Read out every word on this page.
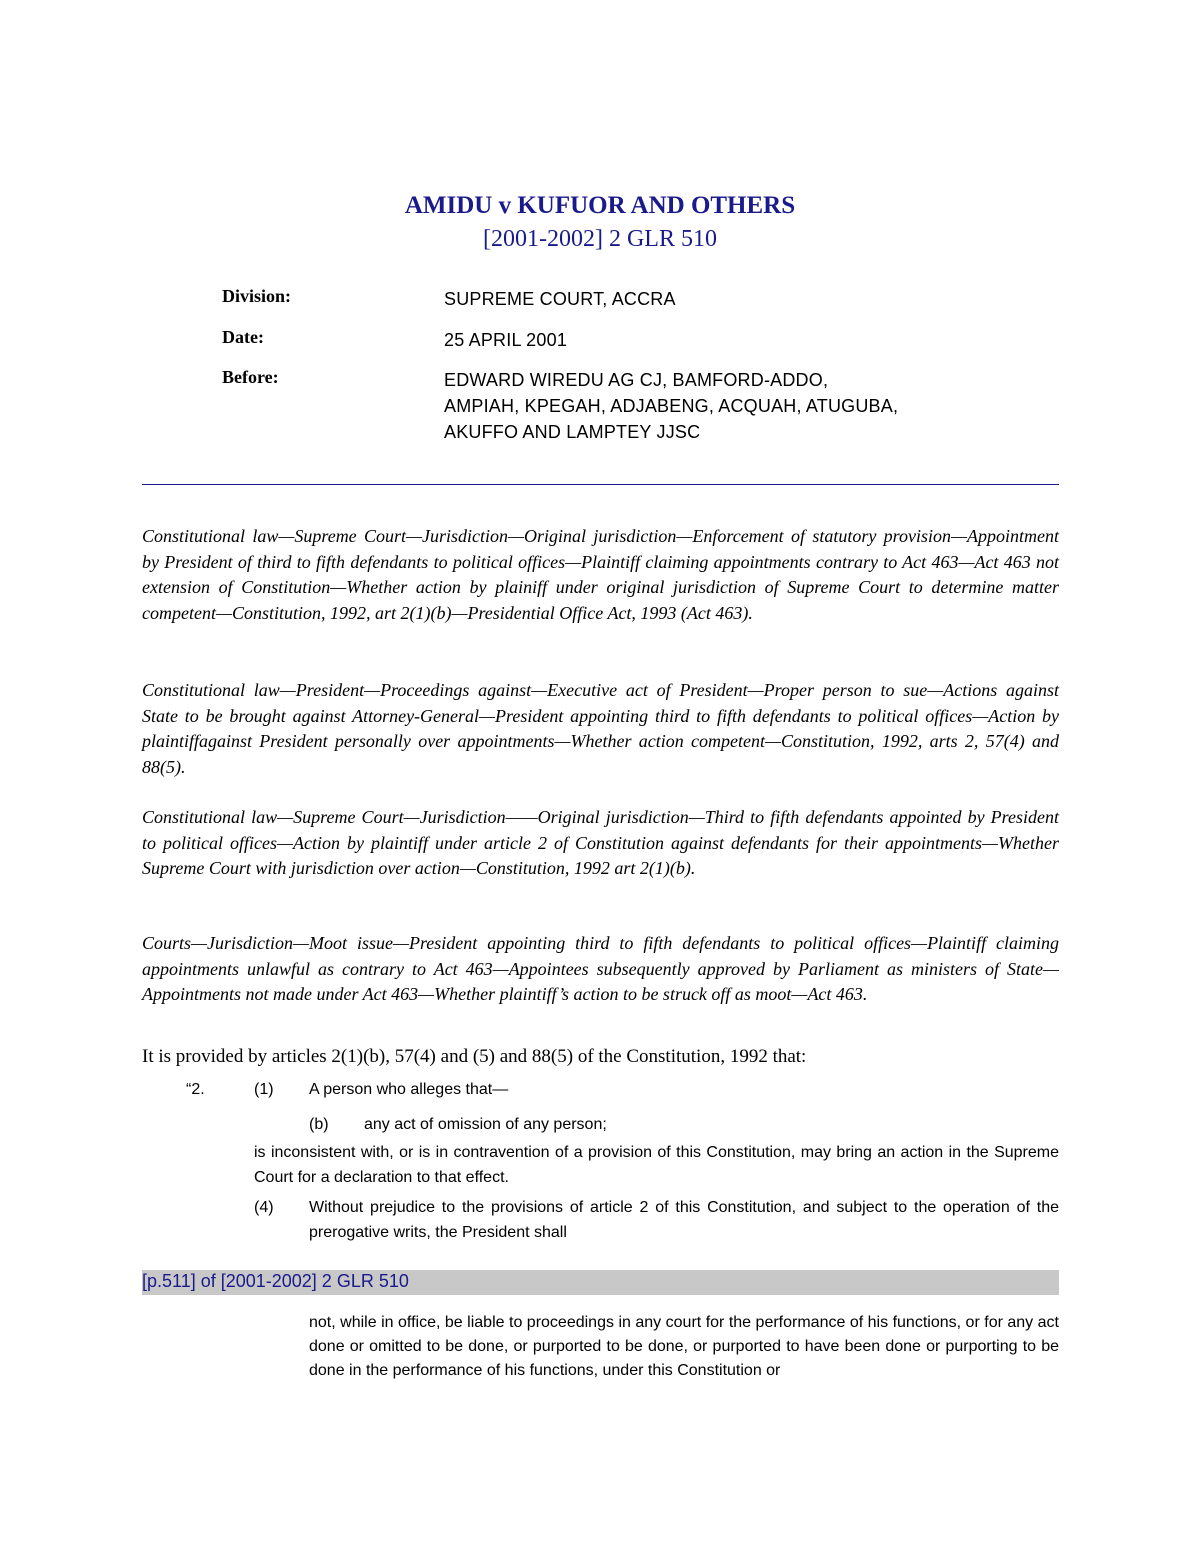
AMIDU v KUFUOR AND OTHERS
[2001-2002] 2 GLR 510
Division:	SUPREME COURT, ACCRA
Date:	25 APRIL 2001
Before:	EDWARD WIREDU AG CJ, BAMFORD-ADDO,
AMPIAH, KPEGAH, ADJABENG, ACQUAH, ATUGUBA,
AKUFFO AND LAMPTEY JJSC

Constitutional law—Supreme Court—Jurisdiction—Original jurisdiction—Enforcement of statutory provision—Appointment by President of third to fifth defendants to political offices—Plaintiff claiming appointments contrary to Act 463—Act 463 not extension of Constitution—Whether action by plainiff under original jurisdiction of Supreme Court to determine matter competent—Constitution, 1992, art 2(1)(b)—Presidential Office Act, 1993 (Act 463).

Constitutional law—President—Proceedings against—Executive act of President—Proper person to sue—Actions against State to be brought against Attorney-General—President appointing third to fifth defendants to political offices—Action by plaintiffagainst President personally over appointments—Whether action competent—Constitution, 1992, arts 2, 57(4) and 88(5).

Constitutional law—Supreme Court—Jurisdiction——Original jurisdiction—Third to fifth defendants appointed by President to political offices—Action by plaintiff under article 2 of Constitution against defendants for their appointments—Whether Supreme Court with jurisdiction over action—Constitution, 1992 art 2(1)(b).

Courts—Jurisdiction—Moot issue—President appointing third to fifth defendants to political offices—Plaintiff claiming appointments unlawful as contrary to Act 463—Appointees subsequently approved by Parliament as ministers of State—Appointments not made under Act 463—Whether plaintiff’s action to be struck off as moot—Act 463.

It is provided by articles 2(1)(b), 57(4) and (5) and 88(5) of the Constitution, 1992 that:
“2.	(1) A person who alleges that—
(b) any act of omission of any person;
is inconsistent with, or is in contravention of a provision of this Constitution, may bring an action in the Supreme Court for a declaration to that effect.
(4) Without prejudice to the provisions of article 2 of this Constitution, and subject to the operation of the prerogative writs, the President shall
[p.511] of [2001-2002] 2 GLR 510
not, while in office, be liable to proceedings in any court for the performance of his functions, or for any act done or omitted to be done, or purported to be done, or purported to have been done or purporting to be done in the performance of his functions, under this Constitution or
